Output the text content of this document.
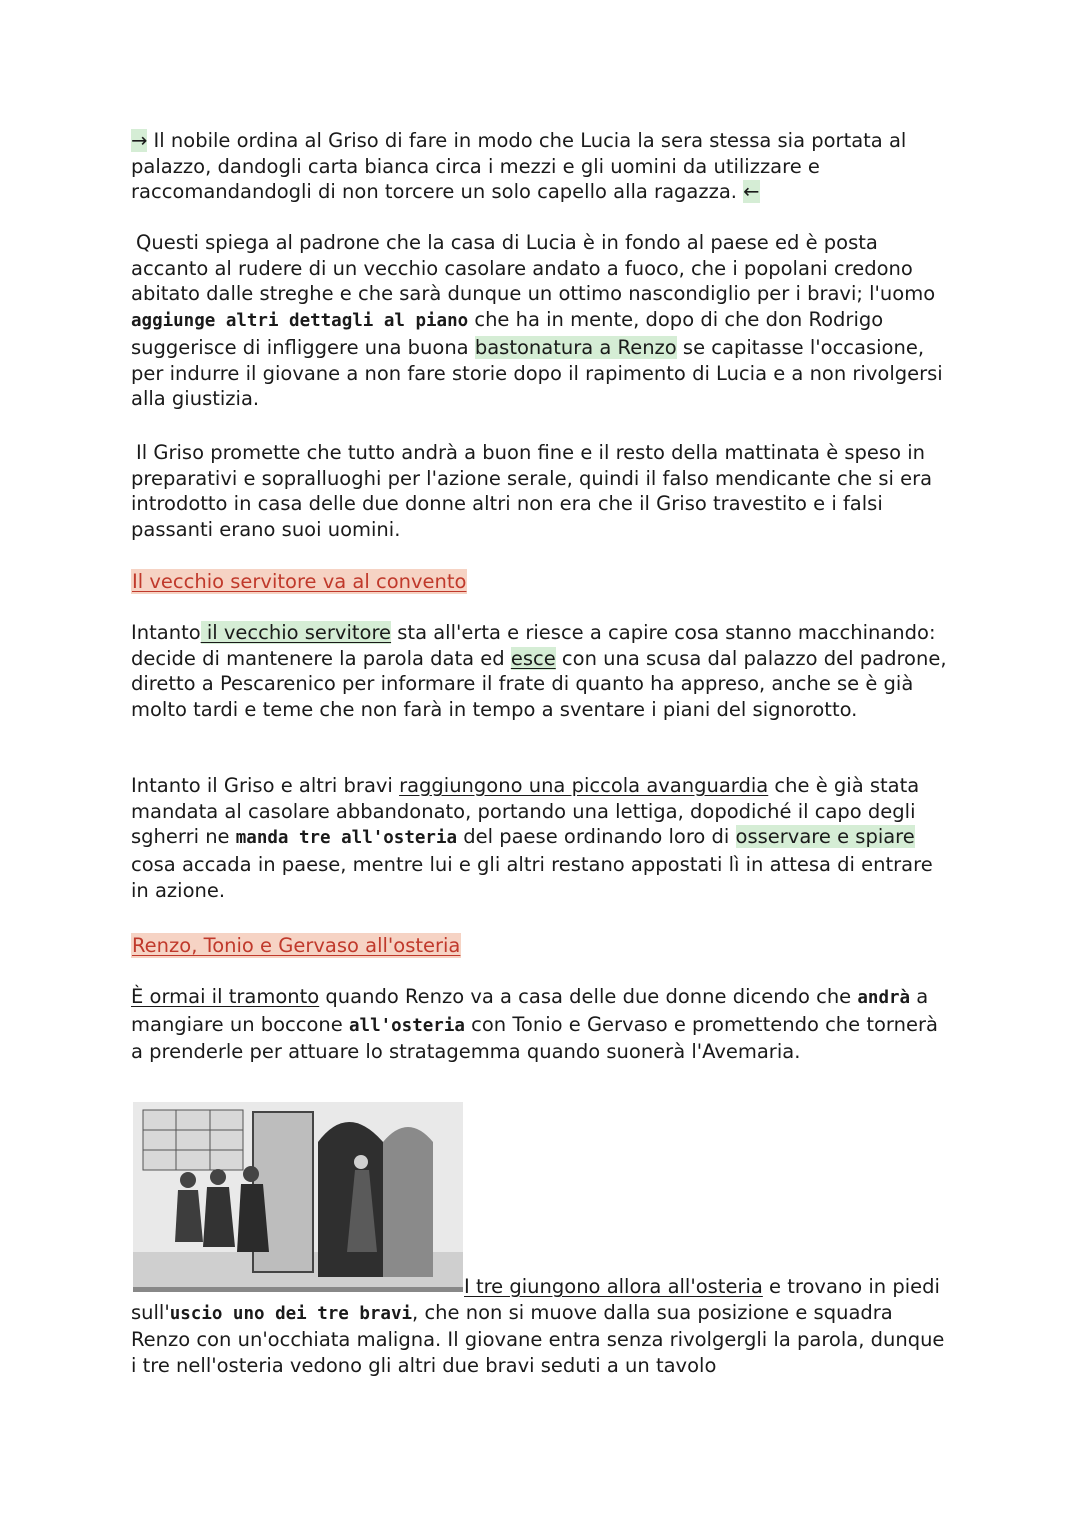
→ Il nobile ordina al Griso di fare in modo che Lucia la sera stessa sia portata al palazzo, dandogli carta bianca circa i mezzi e gli uomini da utilizzare e raccomandandogli di non torcere un solo capello alla ragazza. ←

Questi spiega al padrone che la casa di Lucia è in fondo al paese ed è posta accanto al rudere di un vecchio casolare andato a fuoco, che i popolani credono abitato dalle streghe e che sarà dunque un ottimo nascondiglio per i bravi; l'uomo aggiunge altri dettagli al piano che ha in mente, dopo di che don Rodrigo suggerisce di infliggere una buona bastonatura a Renzo se capitasse l'occasione, per indurre il giovane a non fare storie dopo il rapimento di Lucia e a non rivolgersi alla giustizia.

Il Griso promette che tutto andrà a buon fine e il resto della mattinata è speso in preparativi e sopralluoghi per l'azione serale, quindi il falso mendicante che si era introdotto in casa delle due donne altri non era che il Griso travestito e i falsi passanti erano suoi uomini.

Il vecchio servitore va al convento

Intanto il vecchio servitore sta all'erta e riesce a capire cosa stanno macchinando: decide di mantenere la parola data ed esce con una scusa dal palazzo del padrone, diretto a Pescarenico per informare il frate di quanto ha appreso, anche se è già molto tardi e teme che non farà in tempo a sventare i piani del signorotto.

Intanto il Griso e altri bravi raggiungono una piccola avanguardia che è già stata mandata al casolare abbandonato, portando una lettiga, dopodiché il capo degli sgherri ne manda tre all'osteria del paese ordinando loro di osservare e spiare cosa accada in paese, mentre lui e gli altri restano appostati lì in attesa di entrare in azione.

Renzo, Tonio e Gervaso all'osteria

È ormai il tramonto quando Renzo va a casa delle due donne dicendo che andrà a mangiare un boccone all'osteria con Tonio e Gervaso e promettendo che tornerà a prenderle per attuare lo stratagemma quando suonerà l'Avemaria.

I tre giungono allora all'osteria e trovano in piedi sull'uscio uno dei tre bravi, che non si muove dalla sua posizione e squadra Renzo con un'occhiata maligna. Il giovane entra senza rivolgergli la parola, dunque i tre nell'osteria vedono gli altri due bravi seduti a un tavolo
